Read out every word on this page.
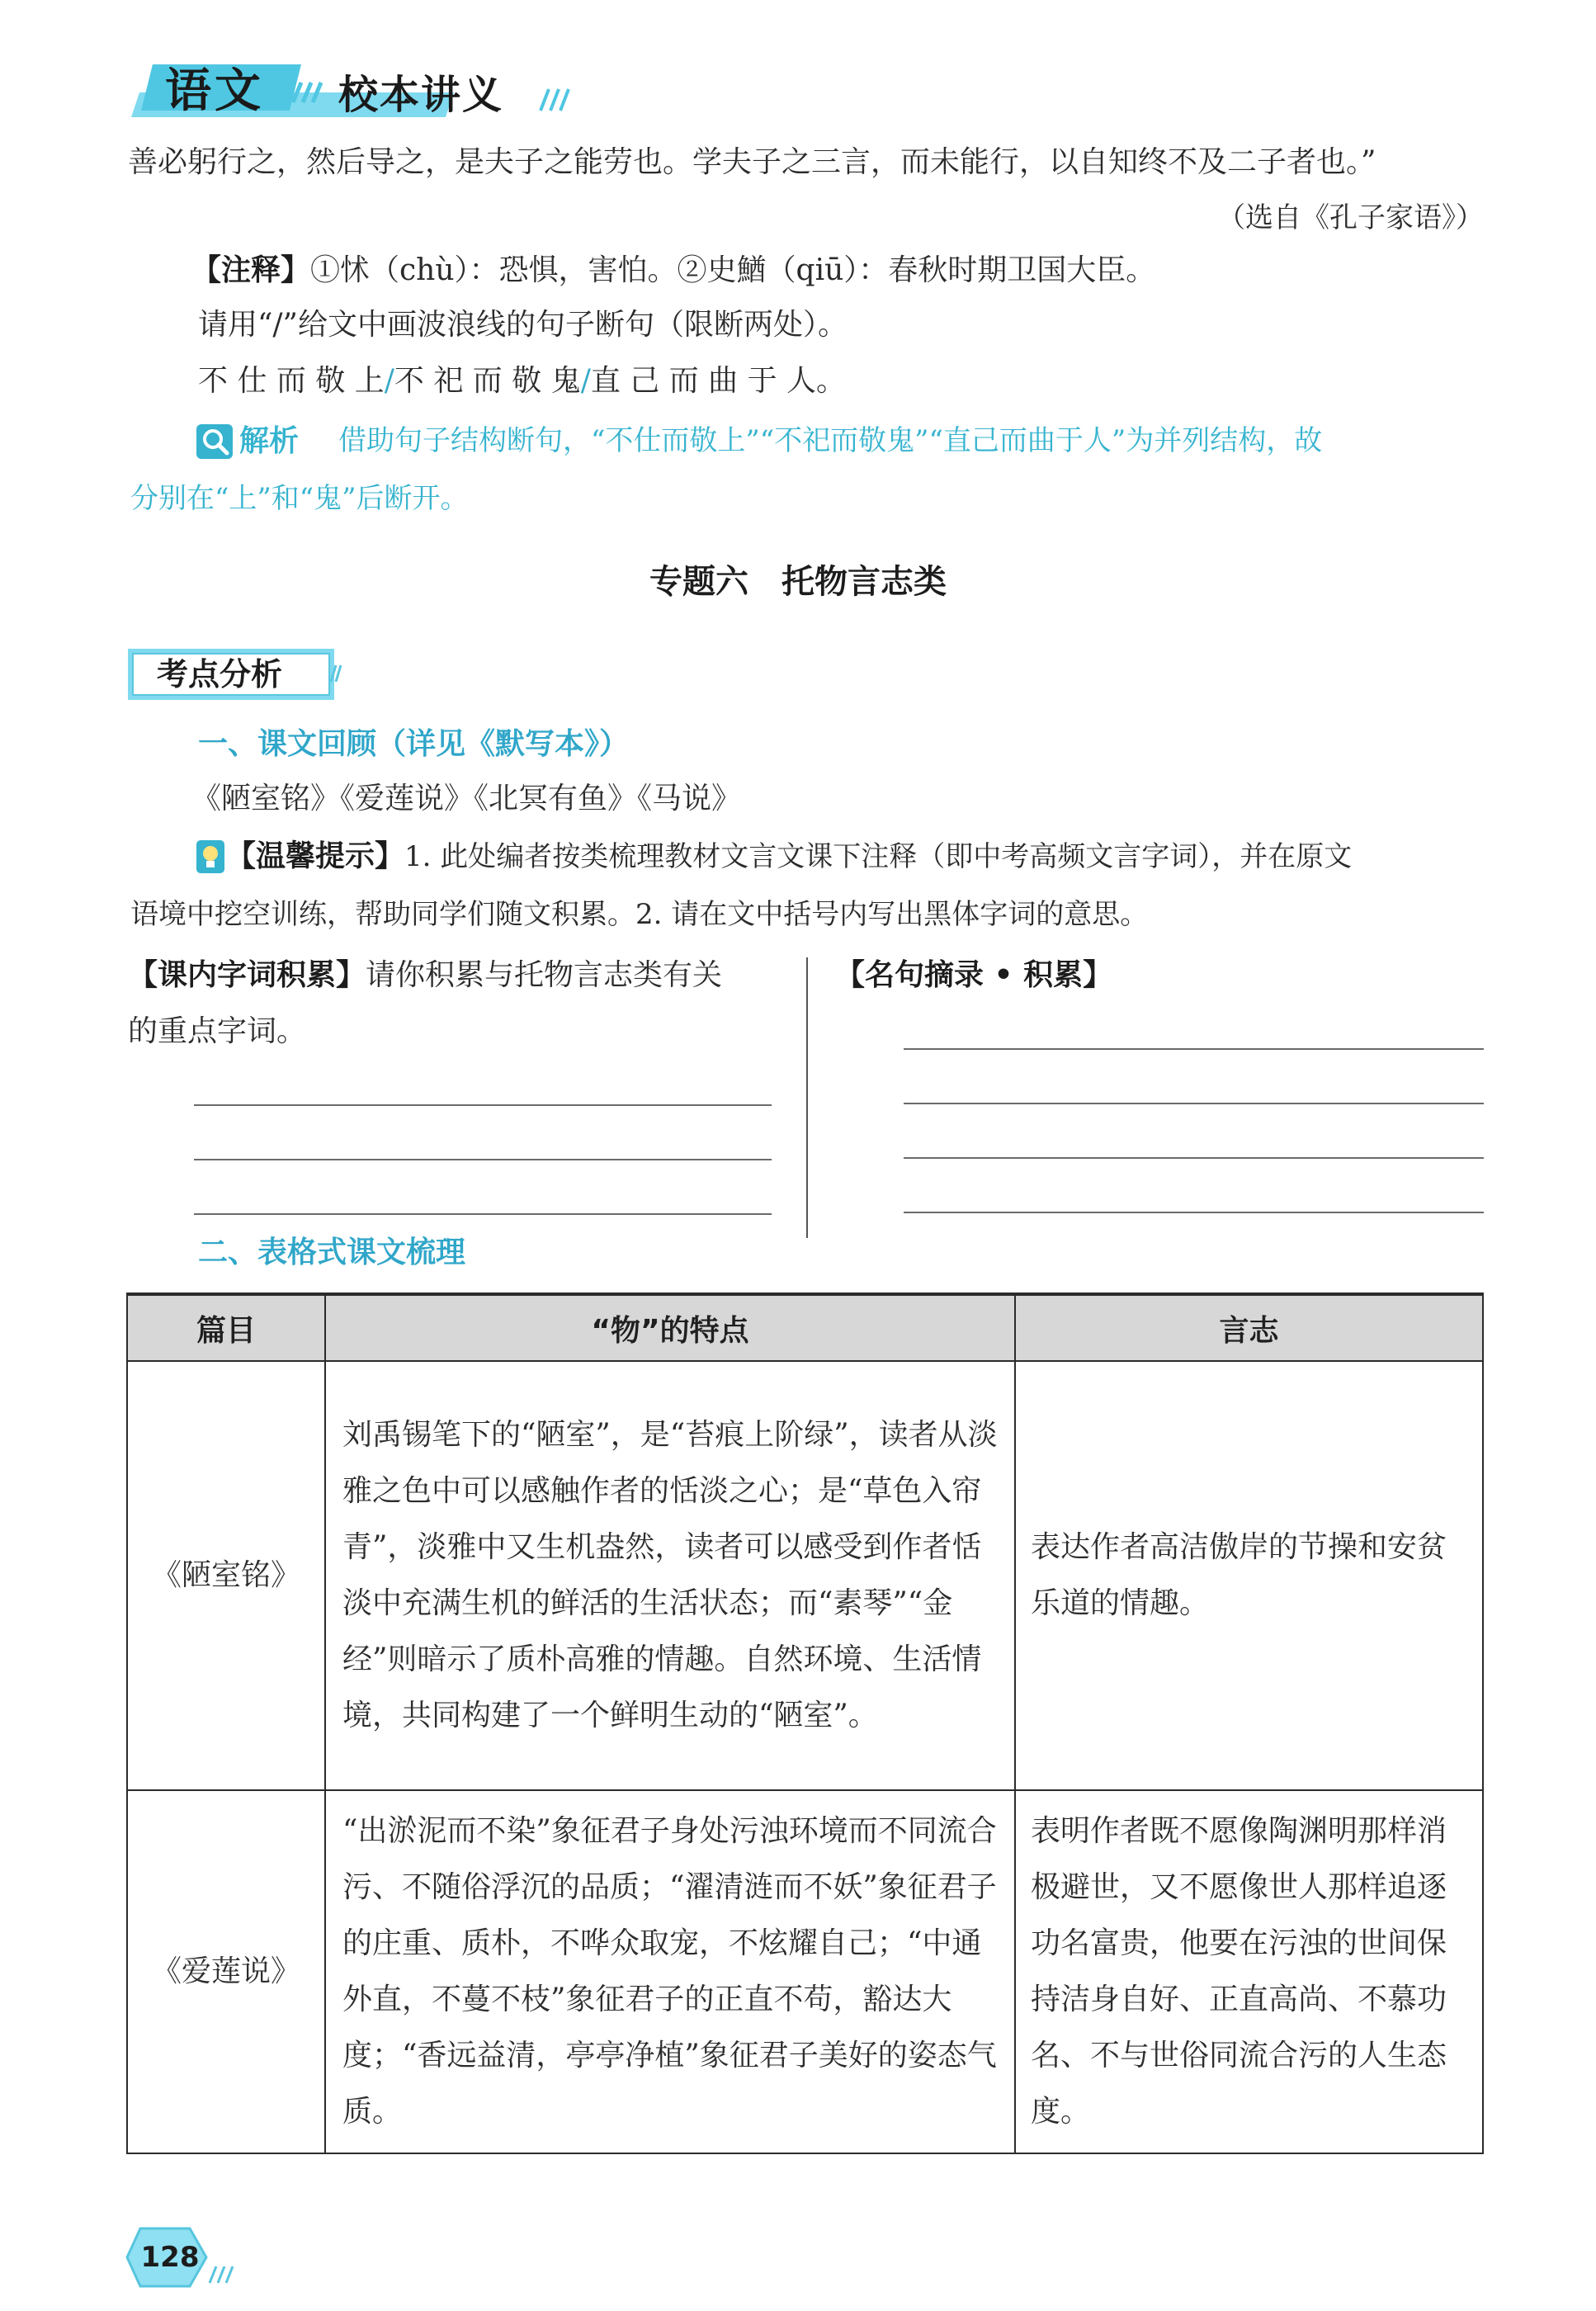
语文 校本讲义
善必躬行之，然后导之，是夫子之能劳也。学夫子之三言，而未能行，以自知终不及二子者也。”
（选自《孔子家语》）
【注释】①怵（chù）：恐惧，害怕。②史鰌（qiū）：春秋时期卫国大臣。
请用“/”给文中画波浪线的句子断句（限断两处）。
不 仕 而 敬 上/不 祀 而 敬 鬼/直 己 而 曲 于 人。
解析 借助句子结构断句，“不仕而敬上”“不祀而敬鬼”“直己而曲于人”为并列结构，故
分别在“上”和“鬼”后断开。
专题六　托物言志类
考点分析
一、课文回顾（详见《默写本》）
《陋室铭》《爱莲说》《北冥有鱼》《马说》
【温馨提示】1. 此处编者按类梳理教材文言文课下注释（即中考高频文言字词），并在原文
语境中挖空训练，帮助同学们随文积累。2. 请在文中括号内写出黑体字词的意思。
【课内字词积累】请你积累与托物言志类有关
的重点字词。
【名句摘录 • 积累】
二、表格式课文梳理
篇目	“物”的特点	言志
《陋室铭》	刘禹锡笔下的“陋室”，是“苔痕上阶绿”，读者从淡雅之色中可以感触作者的恬淡之心；是“草色入帘青”，淡雅中又生机盎然，读者可以感受到作者恬淡中充满生机的鲜活的生活状态；而“素琴”“金经”则暗示了质朴高雅的情趣。自然环境、生活情境，共同构建了一个鲜明生动的“陋室”。	表达作者高洁傲岸的节操和安贫乐道的情趣。
《爱莲说》	“出淤泥而不染”象征君子身处污浊环境而不同流合污、不随俗浮沉的品质；“濯清涟而不妖”象征君子的庄重、质朴，不哗众取宠，不炫耀自己；“中通外直，不蔓不枝”象征君子的正直不苟，豁达大度；“香远益清，亭亭净植”象征君子美好的姿态气质。	表明作者既不愿像陶渊明那样消极避世，又不愿像世人那样追逐功名富贵，他要在污浊的世间保持洁身自好、正直高尚、不慕功名、不与世俗同流合污的人生态度。
128
